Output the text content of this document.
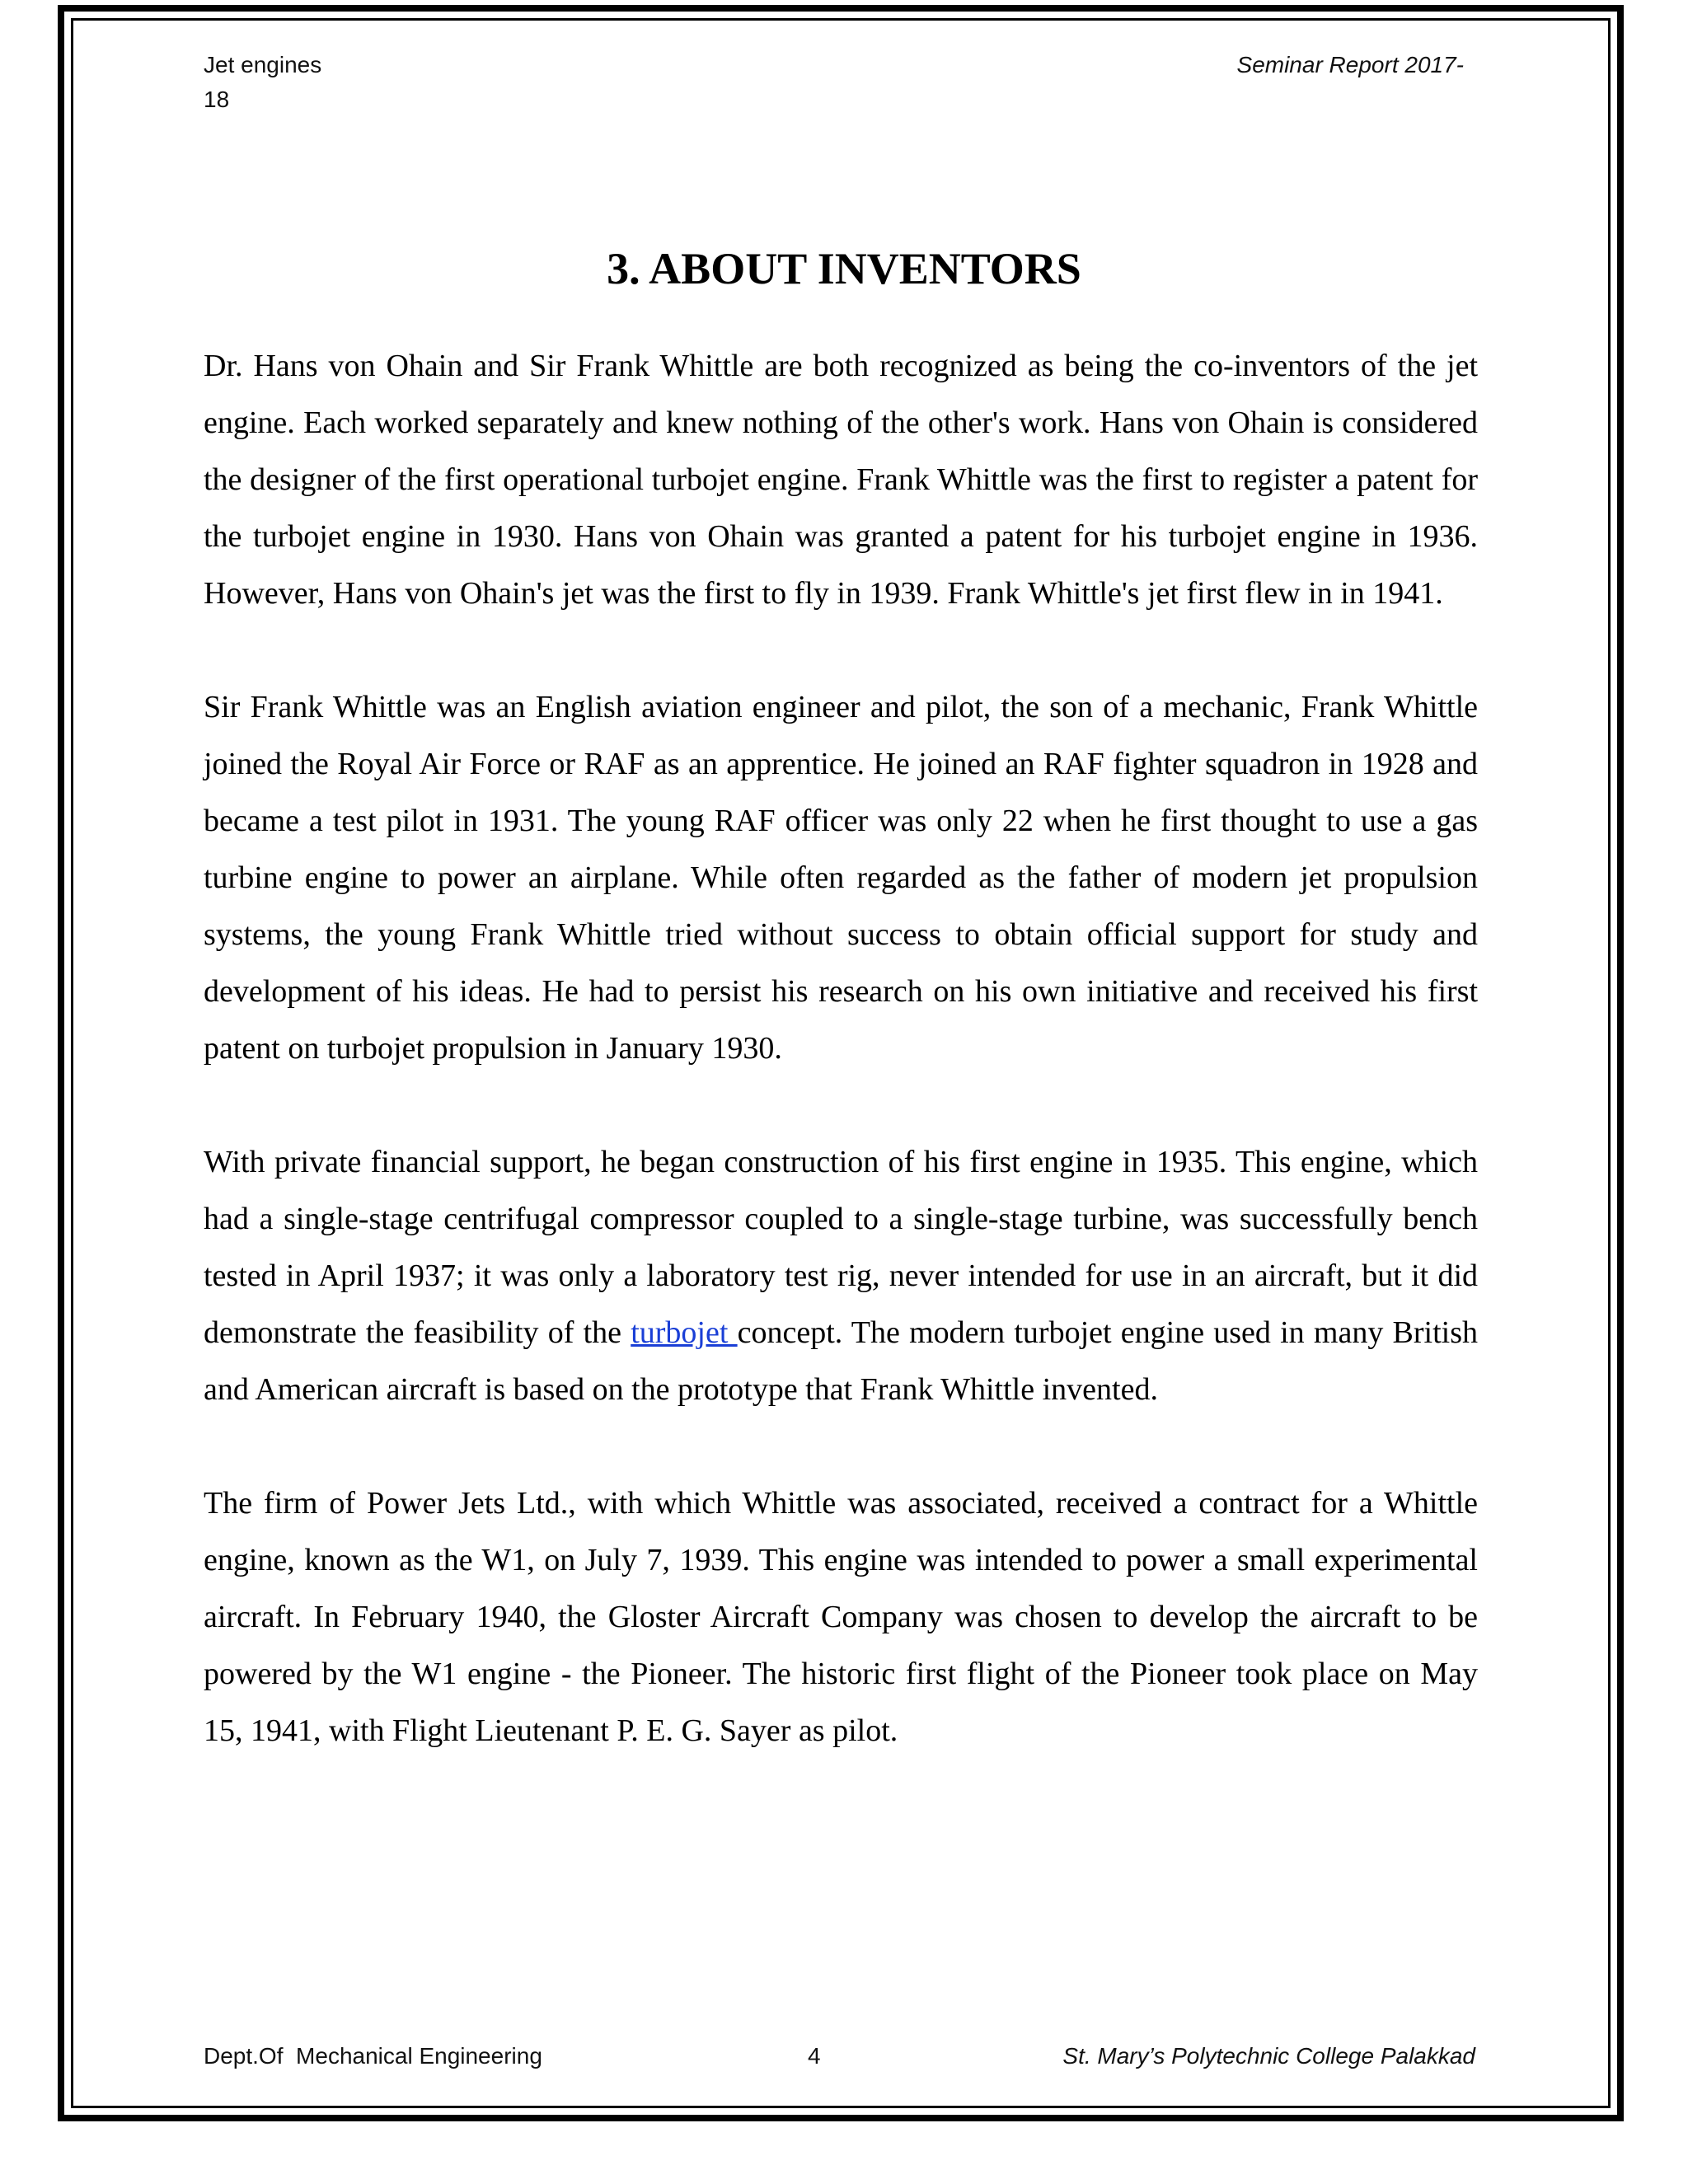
Jet engines
18
Seminar Report 2017-
3. ABOUT INVENTORS

Dr. Hans von Ohain and Sir Frank Whittle are both recognized as being the co-inventors of the jet engine. Each worked separately and knew nothing of the other's work. Hans von Ohain is considered the designer of the first operational turbojet engine. Frank Whittle was the first to register a patent for the turbojet engine in 1930. Hans von Ohain was granted a patent for his turbojet engine in 1936. However, Hans von Ohain's jet was the first to fly in 1939. Frank Whittle's jet first flew in in 1941.

Sir Frank Whittle was an English aviation engineer and pilot, the son of a mechanic, Frank Whittle joined the Royal Air Force or RAF as an apprentice. He joined an RAF fighter squadron in 1928 and became a test pilot in 1931. The young RAF officer was only 22 when he first thought to use a gas turbine engine to power an airplane. While often regarded as the father of modern jet propulsion systems, the young Frank Whittle tried without success to obtain official support for study and development of his ideas. He had to persist his research on his own initiative and received his first patent on turbojet propulsion in January 1930.

With private financial support, he began construction of his first engine in 1935. This engine, which had a single-stage centrifugal compressor coupled to a single-stage turbine, was successfully bench tested in April 1937; it was only a laboratory test rig, never intended for use in an aircraft, but it did demonstrate the feasibility of the turbojet concept. The modern turbojet engine used in many British and American aircraft is based on the prototype that Frank Whittle invented.

The firm of Power Jets Ltd., with which Whittle was associated, received a contract for a Whittle engine, known as the W1, on July 7, 1939. This engine was intended to power a small experimental aircraft. In February 1940, the Gloster Aircraft Company was chosen to develop the aircraft to be powered by the W1 engine - the Pioneer. The historic first flight of the Pioneer took place on May 15, 1941, with Flight Lieutenant P. E. G. Sayer as pilot.

Dept.Of  Mechanical Engineering	4	St. Mary’s Polytechnic College Palakkad
